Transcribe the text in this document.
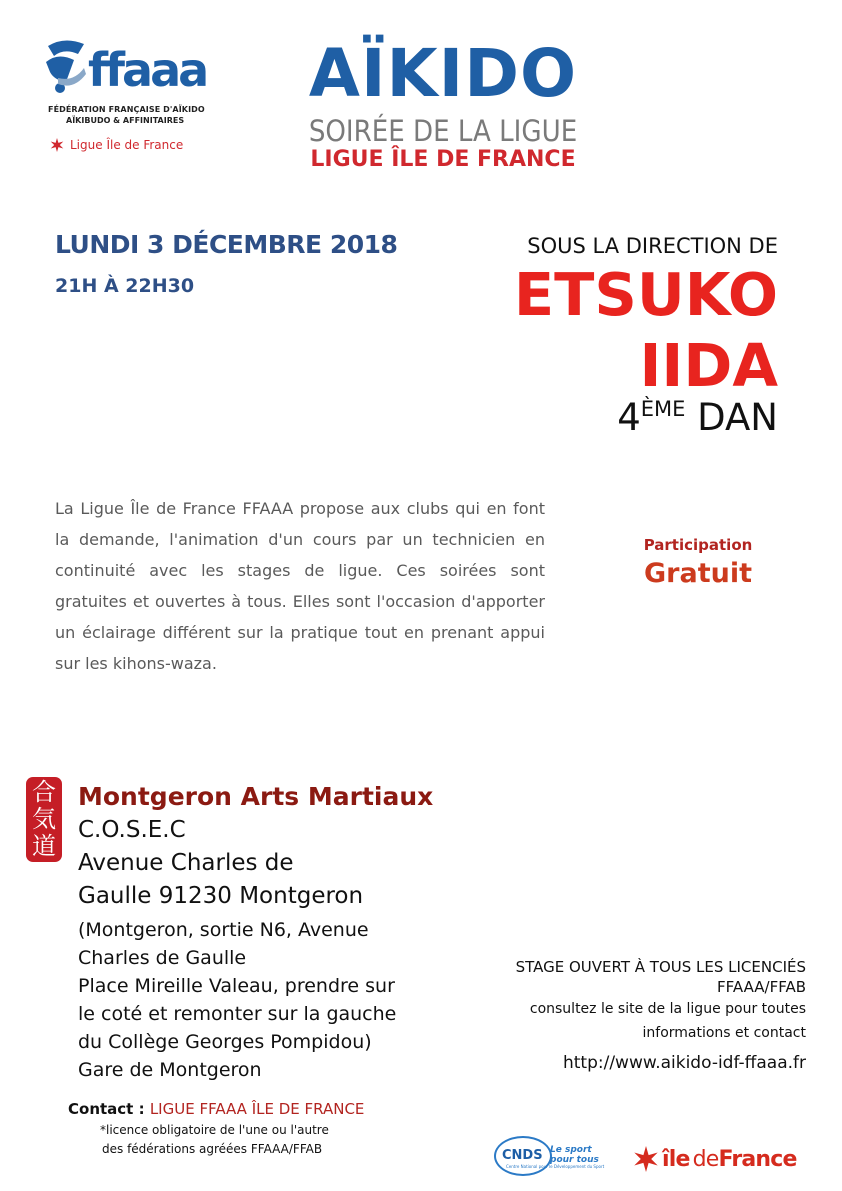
ffaaa
FÉDÉRATION FRANÇAISE D'AÏKIDO
AÏKIBUDO & AFFINITAIRES
Ligue Île de France
AÏKIDO
SOIRÉE DE LA LIGUE
LIGUE ÎLE DE FRANCE
LUNDI 3 DÉCEMBRE 2018
21H À 22H30
SOUS LA DIRECTION DE
ETSUKO
IIDA
4ÈME DAN
La Ligue Île de France FFAAA propose aux clubs qui en font la demande, l'animation d'un cours par un technicien en continuité avec les stages de ligue. Ces soirées sont gratuites et ouvertes à tous. Elles sont l'occasion d'apporter un éclairage différent sur la pratique tout en prenant appui sur les kihons-waza.
Participation
Gratuit
合
気
道
Montgeron Arts Martiaux
C.O.S.E.C
Avenue Charles de
Gaulle 91230 Montgeron
(Montgeron, sortie N6, Avenue
Charles de Gaulle
Place Mireille Valeau, prendre sur
le coté et remonter sur la gauche
du Collège Georges Pompidou)
Gare de Montgeron
STAGE OUVERT À TOUS LES LICENCIÉS
FFAAA/FFAB
consultez le site de la ligue pour toutes
informations et contact
http://www.aikido-idf-ffaaa.fr
Contact : LIGUE FFAAA ÎLE DE FRANCE
*licence obligatoire de l'une ou l'autre
des fédérations agréées FFAAA/FFAB	CNDS Le sport
pour tous
Centre National pour le Développement du Sport	île deFrance
